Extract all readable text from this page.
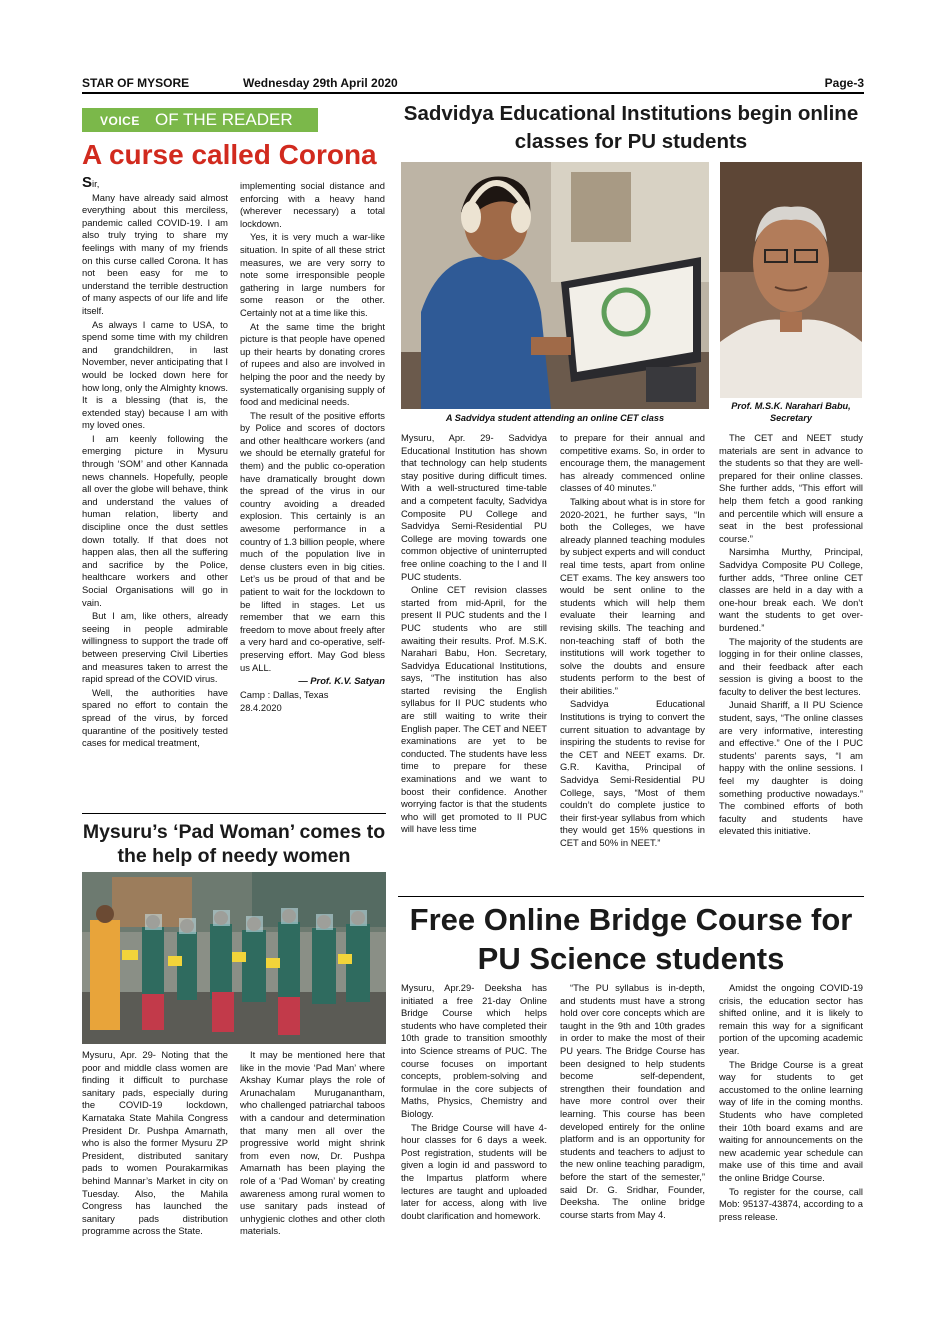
STAR OF MYSORE	Wednesday 29th April 2020	Page-3
VOICE OF THE READER
A curse called Corona

Sir,

Many have already said almost everything about this merciless, pandemic called COVID-19. I am also truly trying to share my feelings with many of my friends on this curse called Corona. It has not been easy for me to understand the terrible destruction of many aspects of our life and life itself.

As always I came to USA, to spend some time with my children and grandchildren, in last November, never anticipating that I would be locked down here for how long, only the Almighty knows. It is a blessing (that is, the extended stay) because I am with my loved ones.

I am keenly following the emerging picture in Mysuru through ‘SOM’ and other Kannada news channels. Hopefully, people all over the globe will behave, think and understand the values of human relation, liberty and discipline once the dust settles down totally. If that does not happen alas, then all the suffering and sacrifice by the Police, healthcare workers and other Social Organisations will go in vain.

But I am, like others, already seeing in people admirable willingness to support the trade off between preserving Civil Liberties and measures taken to arrest the rapid spread of the COVID virus.

Well, the authorities have spared no effort to contain the spread of the virus, by forced quarantine of the positively tested cases for medical treatment,

implementing social distance and enforcing with a heavy hand (wherever necessary) a total lockdown.

Yes, it is very much a war-like situation. In spite of all these strict measures, we are very sorry to note some irresponsible people gathering in large numbers for some reason or the other. Certainly not at a time like this.

At the same time the bright picture is that people have opened up their hearts by donating crores of rupees and also are involved in helping the poor and the needy by systematically organising supply of food and medicinal needs.

The result of the positive efforts by Police and scores of doctors and other healthcare workers (and we should be eternally grateful for them) and the public co-operation have dramatically brought down the spread of the virus in our country avoiding a dreaded explosion. This certainly is an awesome performance in a country of 1.3 billion people, where much of the population live in dense clusters even in big cities. Let’s us be proud of that and be patient to wait for the lockdown to be lifted in stages. Let us remember that we earn this freedom to move about freely after a very hard and co-operative, self-preserving effort. May God bless us ALL.

— Prof. K.V. Satyan

Camp : Dallas, Texas

28.4.2020

Mysuru’s ‘Pad Woman’ comes to the help of needy women

Mysuru, Apr. 29- Noting that the poor and middle class women are finding it difficult to purchase sanitary pads, especially during the COVID-19 lockdown, Karnataka State Mahila Congress President Dr. Pushpa Amarnath, who is also the former Mysuru ZP President, distributed sanitary pads to women Pourakarmikas behind Mannar’s Market in city on Tuesday. Also, the Mahila Congress has launched the sanitary pads distribution programme across the State.

It may be mentioned here that like in the movie ‘Pad Man’ where Akshay Kumar plays the role of Arunachalam Muruganantham, who challenged patriarchal taboos with a candour and determination that many men all over the progressive world might shrink from even now, Dr. Pushpa Amarnath has been playing the role of a ‘Pad Woman’ by creating awareness among rural women to use sanitary pads instead of unhygienic clothes and other cloth materials.

Sadvidya Educational Institutions begin online classes for PU students
A Sadvidya student attending an online CET class
Prof. M.S.K. Narahari Babu,
Secretary

Mysuru, Apr. 29- Sadvidya Educational Institution has shown that technology can help students stay positive during difficult times. With a well-structured time-table and a competent faculty, Sadvidya Composite PU College and Sadvidya Semi-Residential PU College are moving towards one common objective of uninterrupted free online coaching to the I and II PUC students.

Online CET revision classes started from mid-April, for the present II PUC students and the I PUC students who are still awaiting their results. Prof. M.S.K. Narahari Babu, Hon. Secretary, Sadvidya Educational Institutions, says, “The institution has also started revising the English syllabus for II PUC students who are still waiting to write their English paper. The CET and NEET examinations are yet to be conducted. The students have less time to prepare for these examinations and we want to boost their confidence. Another worrying factor is that the students who will get promoted to II PUC will have less time

to prepare for their annual and competitive exams. So, in order to encourage them, the management has already commenced online classes of 40 minutes.”

Talking about what is in store for 2020-2021, he further says, “In both the Colleges, we have already planned teaching modules by subject experts and will conduct real time tests, apart from online CET exams. The key answers too would be sent online to the students which will help them evaluate their learning and revising skills. The teaching and non-teaching staff of both the institutions will work together to solve the doubts and ensure students perform to the best of their abilities.”

Sadvidya Educational Institutions is trying to convert the current situation to advantage by inspiring the students to revise for the CET and NEET exams. Dr. G.R. Kavitha, Principal of Sadvidya Semi-Residential PU College, says, “Most of them couldn’t do complete justice to their first-year syllabus from which they would get 15% questions in CET and 50% in NEET.”

The CET and NEET study materials are sent in advance to the students so that they are well-prepared for their online classes. She further adds, “This effort will help them fetch a good ranking and percentile which will ensure a seat in the best professional course.”

Narsimha Murthy, Principal, Sadvidya Composite PU College, further adds, “Three online CET classes are held in a day with a one-hour break each. We don’t want the students to get over-burdened.”

The majority of the students are logging in for their online classes, and their feedback after each session is giving a boost to the faculty to deliver the best lectures.

Junaid Shariff, a II PU Science student, says, “The online classes are very informative, interesting and effective.” One of the I PUC students’ parents says, “I am happy with the online sessions. I feel my daughter is doing something productive nowadays.” The combined efforts of both faculty and students have elevated this initiative.

Free Online Bridge Course for PU Science students

Mysuru, Apr.29- Deeksha has initiated a free 21-day Online Bridge Course which helps students who have completed their 10th grade to transition smoothly into Science streams of PUC. The course focuses on important concepts, problem-solving and formulae in the core subjects of Maths, Physics, Chemistry and Biology.

The Bridge Course will have 4-hour classes for 6 days a week. Post registration, students will be given a login id and password to the Impartus platform where lectures are taught and uploaded later for access, along with live doubt clarification and homework.

“The PU syllabus is in-depth, and students must have a strong hold over core concepts which are taught in the 9th and 10th grades in order to make the most of their PU years. The Bridge Course has been designed to help students become self-dependent, strengthen their foundation and have more control over their learning. This course has been developed entirely for the online platform and is an opportunity for students and teachers to adjust to the new online teaching paradigm, before the start of the semester,” said Dr. G. Sridhar, Founder, Deeksha. The online bridge course starts from May 4.

Amidst the ongoing COVID-19 crisis, the education sector has shifted online, and it is likely to remain this way for a significant portion of the upcoming academic year.

The Bridge Course is a great way for students to get accustomed to the online learning way of life in the coming months. Students who have completed their 10th board exams and are waiting for announcements on the new academic year schedule can make use of this time and avail the online Bridge Course.

To register for the course, call Mob: 95137-43874, according to a press release.
